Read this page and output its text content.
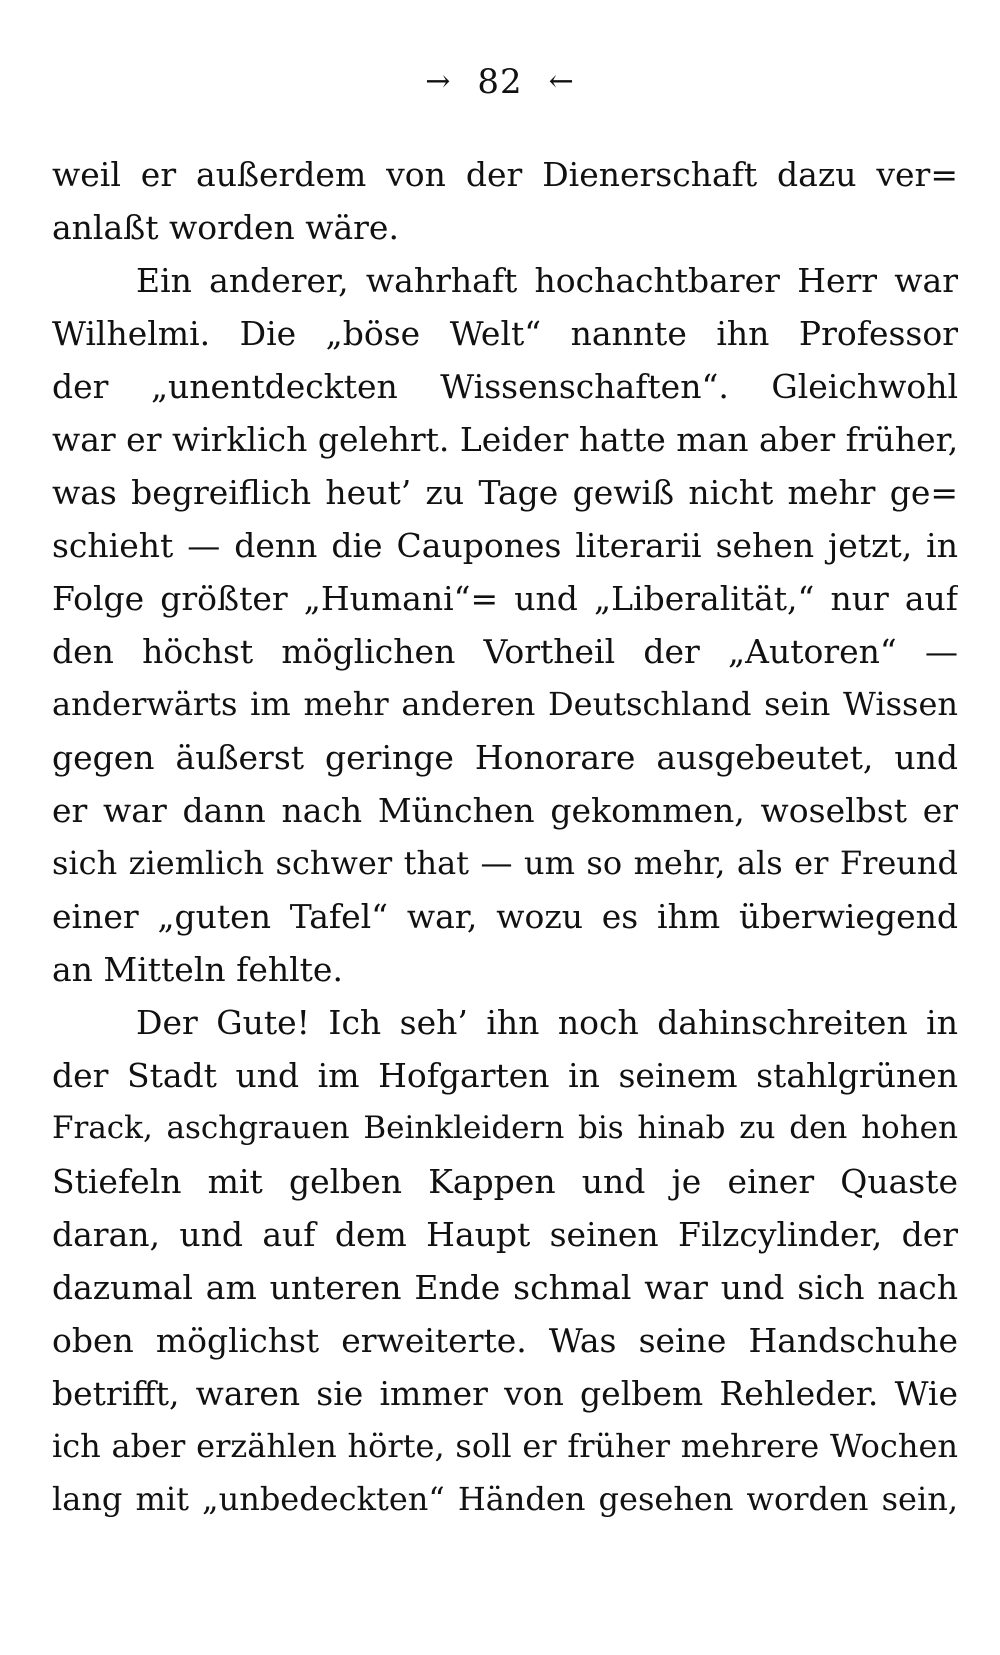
→ 82 ←
weil er außerdem von der Dienerschaft dazu ver=
anlaßt worden wäre.
Ein anderer, wahrhaft hochachtbarer Herr war
Wilhelmi. Die „böse Welt“ nannte ihn Professor
der „unentdeckten Wissenschaften“. Gleichwohl
war er wirklich gelehrt. Leider hatte man aber früher,
was begreiflich heut’ zu Tage gewiß nicht mehr ge=
schieht — denn die Caupones literarii sehen jetzt, in
Folge größter „Humani“= und „Liberalität,“ nur auf
den höchst möglichen Vortheil der „Autoren“ —
anderwärts im mehr anderen Deutschland sein Wissen
gegen äußerst geringe Honorare ausgebeutet, und
er war dann nach München gekommen, woselbst er
sich ziemlich schwer that — um so mehr, als er Freund
einer „guten Tafel“ war, wozu es ihm überwiegend
an Mitteln fehlte.
Der Gute! Ich seh’ ihn noch dahinschreiten in
der Stadt und im Hofgarten in seinem stahlgrünen
Frack, aschgrauen Beinkleidern bis hinab zu den hohen
Stiefeln mit gelben Kappen und je einer Quaste
daran, und auf dem Haupt seinen Filzcylinder, der
dazumal am unteren Ende schmal war und sich nach
oben möglichst erweiterte. Was seine Handschuhe
betrifft, waren sie immer von gelbem Rehleder. Wie
ich aber erzählen hörte, soll er früher mehrere Wochen
lang mit „unbedeckten“ Händen gesehen worden sein,
